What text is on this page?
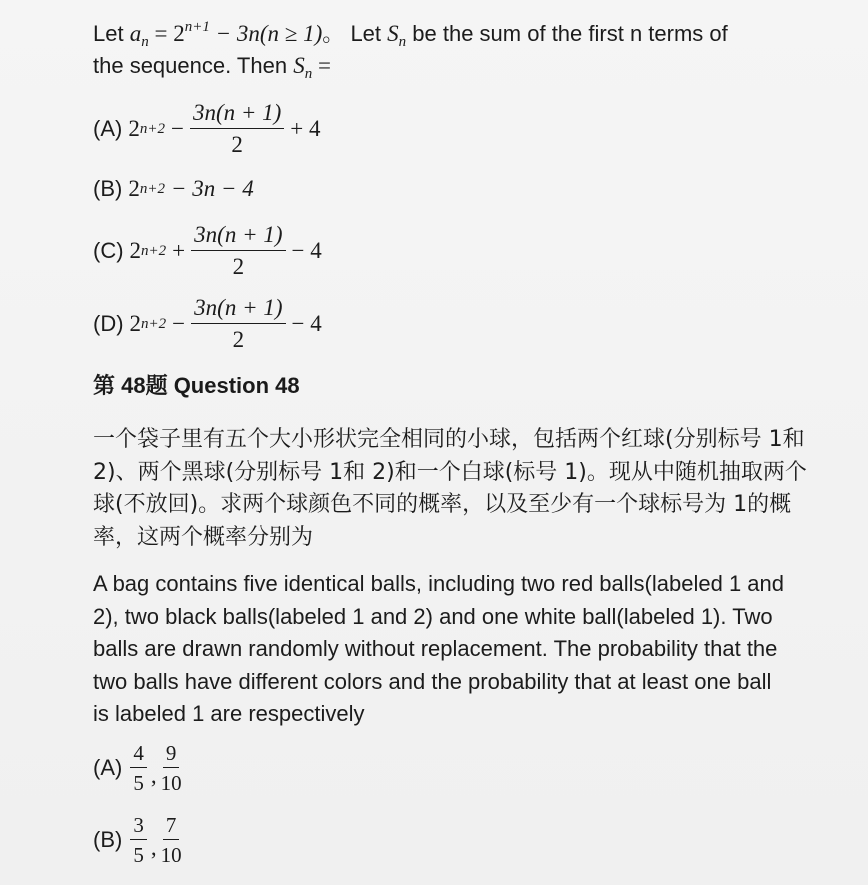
Let $a_n = 2^{n+1} - 3n(n \ge 1)$。 Let $S_n$ be the sum of the first n terms of
the sequence. Then $S_n$ =
(A) 2 $n+2 - \frac{3n(n + 1)}{2} + 4$
(B) 2 n+2 − 3n − 4
(C) 2 $n+2 + \frac{3n(n + 1)}{2} - 4$
(D) 2 $n+2 - \frac{3n(n + 1)}{2} - 4$
第 48题 Question 48
一个袋子里有五个大小形状完全相同的小球，包括两个红球(分别标号 1和
2)、两个黑球(分别标号 1和 2)和一个白球(标号 1)。现从中随机抽取两个
球(不放回)。求两个球颜色不同的概率，以及至少有一个球标号为 1的概
率，这两个概率分别为
A bag contains five identical balls, including two red balls(labeled 1 and
2), two black balls(labeled 1 and 2) and one white ball(labeled 1). Two
balls are drawn randomly without replacement. The probability that the
two balls have different colors and the probability that at least one ball
is labeled 1 are respectively
$(A) \frac{4}{5}$ , $\frac{9}{10}$
$(B) \frac{3}{5}$ , $\frac{7}{10}$
